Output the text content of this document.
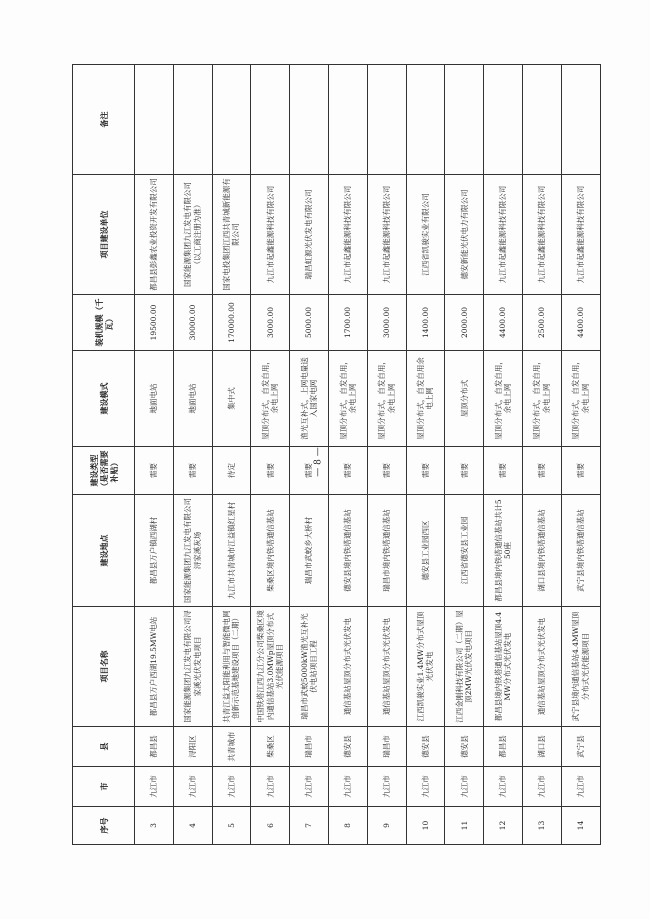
序号	市	县	项目名称	建设地点	建设类型（是否需要补贴）	建设模式	装机规模（千瓦）	项目建设单位	备注
3	九江市	都昌县	都昌县万户西湖19.5MW电站	都昌县万户镇西湖村	需要	地面电站	19500.00	都昌县彭鑫农业投资开发有限公司	
4	九江市	浔阳区	国家能源集团九江发电有限公司浔家溪光伏发电项目	国家能源集团九江发电有限公司浔家溪灰场	需要	地面电站	30000.00	国家能源集团九江发电有限公司（以工商注册为准）	
5	九江市	共青城市	共青江益太阳能利用与智能微电网创新示范基地建设项目（二期）	九江市共青城市江益镇红星村	待定	集中式	170000.00	国家电投集团江西共青城新能源有限公司	
6	九江市	柴桑区	中国铁塔江西九江分公司柴桑区境内通信基站3.0MWp屋顶分布式光伏能源项目	柴桑区境内铁塔通信基站	需要	屋顶分布式，自发自用，余电上网	3000.00	九江市起鑫能源科技有限公司	
7	九江市	瑞昌市	瑞昌市武蛟5000kW渔光互补光伏电站项目工程	瑞昌市武蛟乡大桥村	需要	渔光互补式，上网电量送入国家电网	5000.00	瑞昌虹源光伏发电有限公司	
8	九江市	德安县	通信基站屋顶分布式光伏发电	德安县境内铁塔通信基站	需要	屋顶分布式，自发自用，余电上网	1700.00	九江市起鑫能源科技有限公司	
9	九江市	瑞昌市	通信基站屋顶分布式光伏发电	瑞昌市境内铁塔通信基站	需要	屋顶分布式，自发自用，余电上网	3000.00	九江市起鑫能源科技有限公司	
10	九江市	德安县	江西凯骏实业1.4MW分布式屋顶光伏发电	德安县工业园西区	需要	屋顶分布式，自发自用余电上网	1400.00	江西省凯骏实业有限公司	
11	九江市	德安县	江西金刚科技有限公司（二期）屋顶2MW光伏发电项目	江西省德安县工业园	需要	屋顶分布式	2000.00	德安新能光伏电力有限公司	
12	九江市	都昌县	都昌县境内铁塔通信基站屋顶4.4MW分布式光伏发电	都昌县境内铁塔通信基站共计550座	需要	屋顶分布式，自发自用，余电上网	4400.00	九江市起鑫能源科技有限公司	
13	九江市	湖口县	通信基站屋顶分布式光伏发电	湖口县境内铁塔通信基站	需要	屋顶分布式，自发自用，余电上网	2500.00	九江市起鑫能源科技有限公司	
14	九江市	武宁县	武宁县境内通信基站4.4MW屋顶分布式光伏能源项目	武宁县境内铁塔通信基站	需要	屋顶分布式，自发自用，余电上网	4400.00	九江市起鑫能源科技有限公司	
— 8 —
